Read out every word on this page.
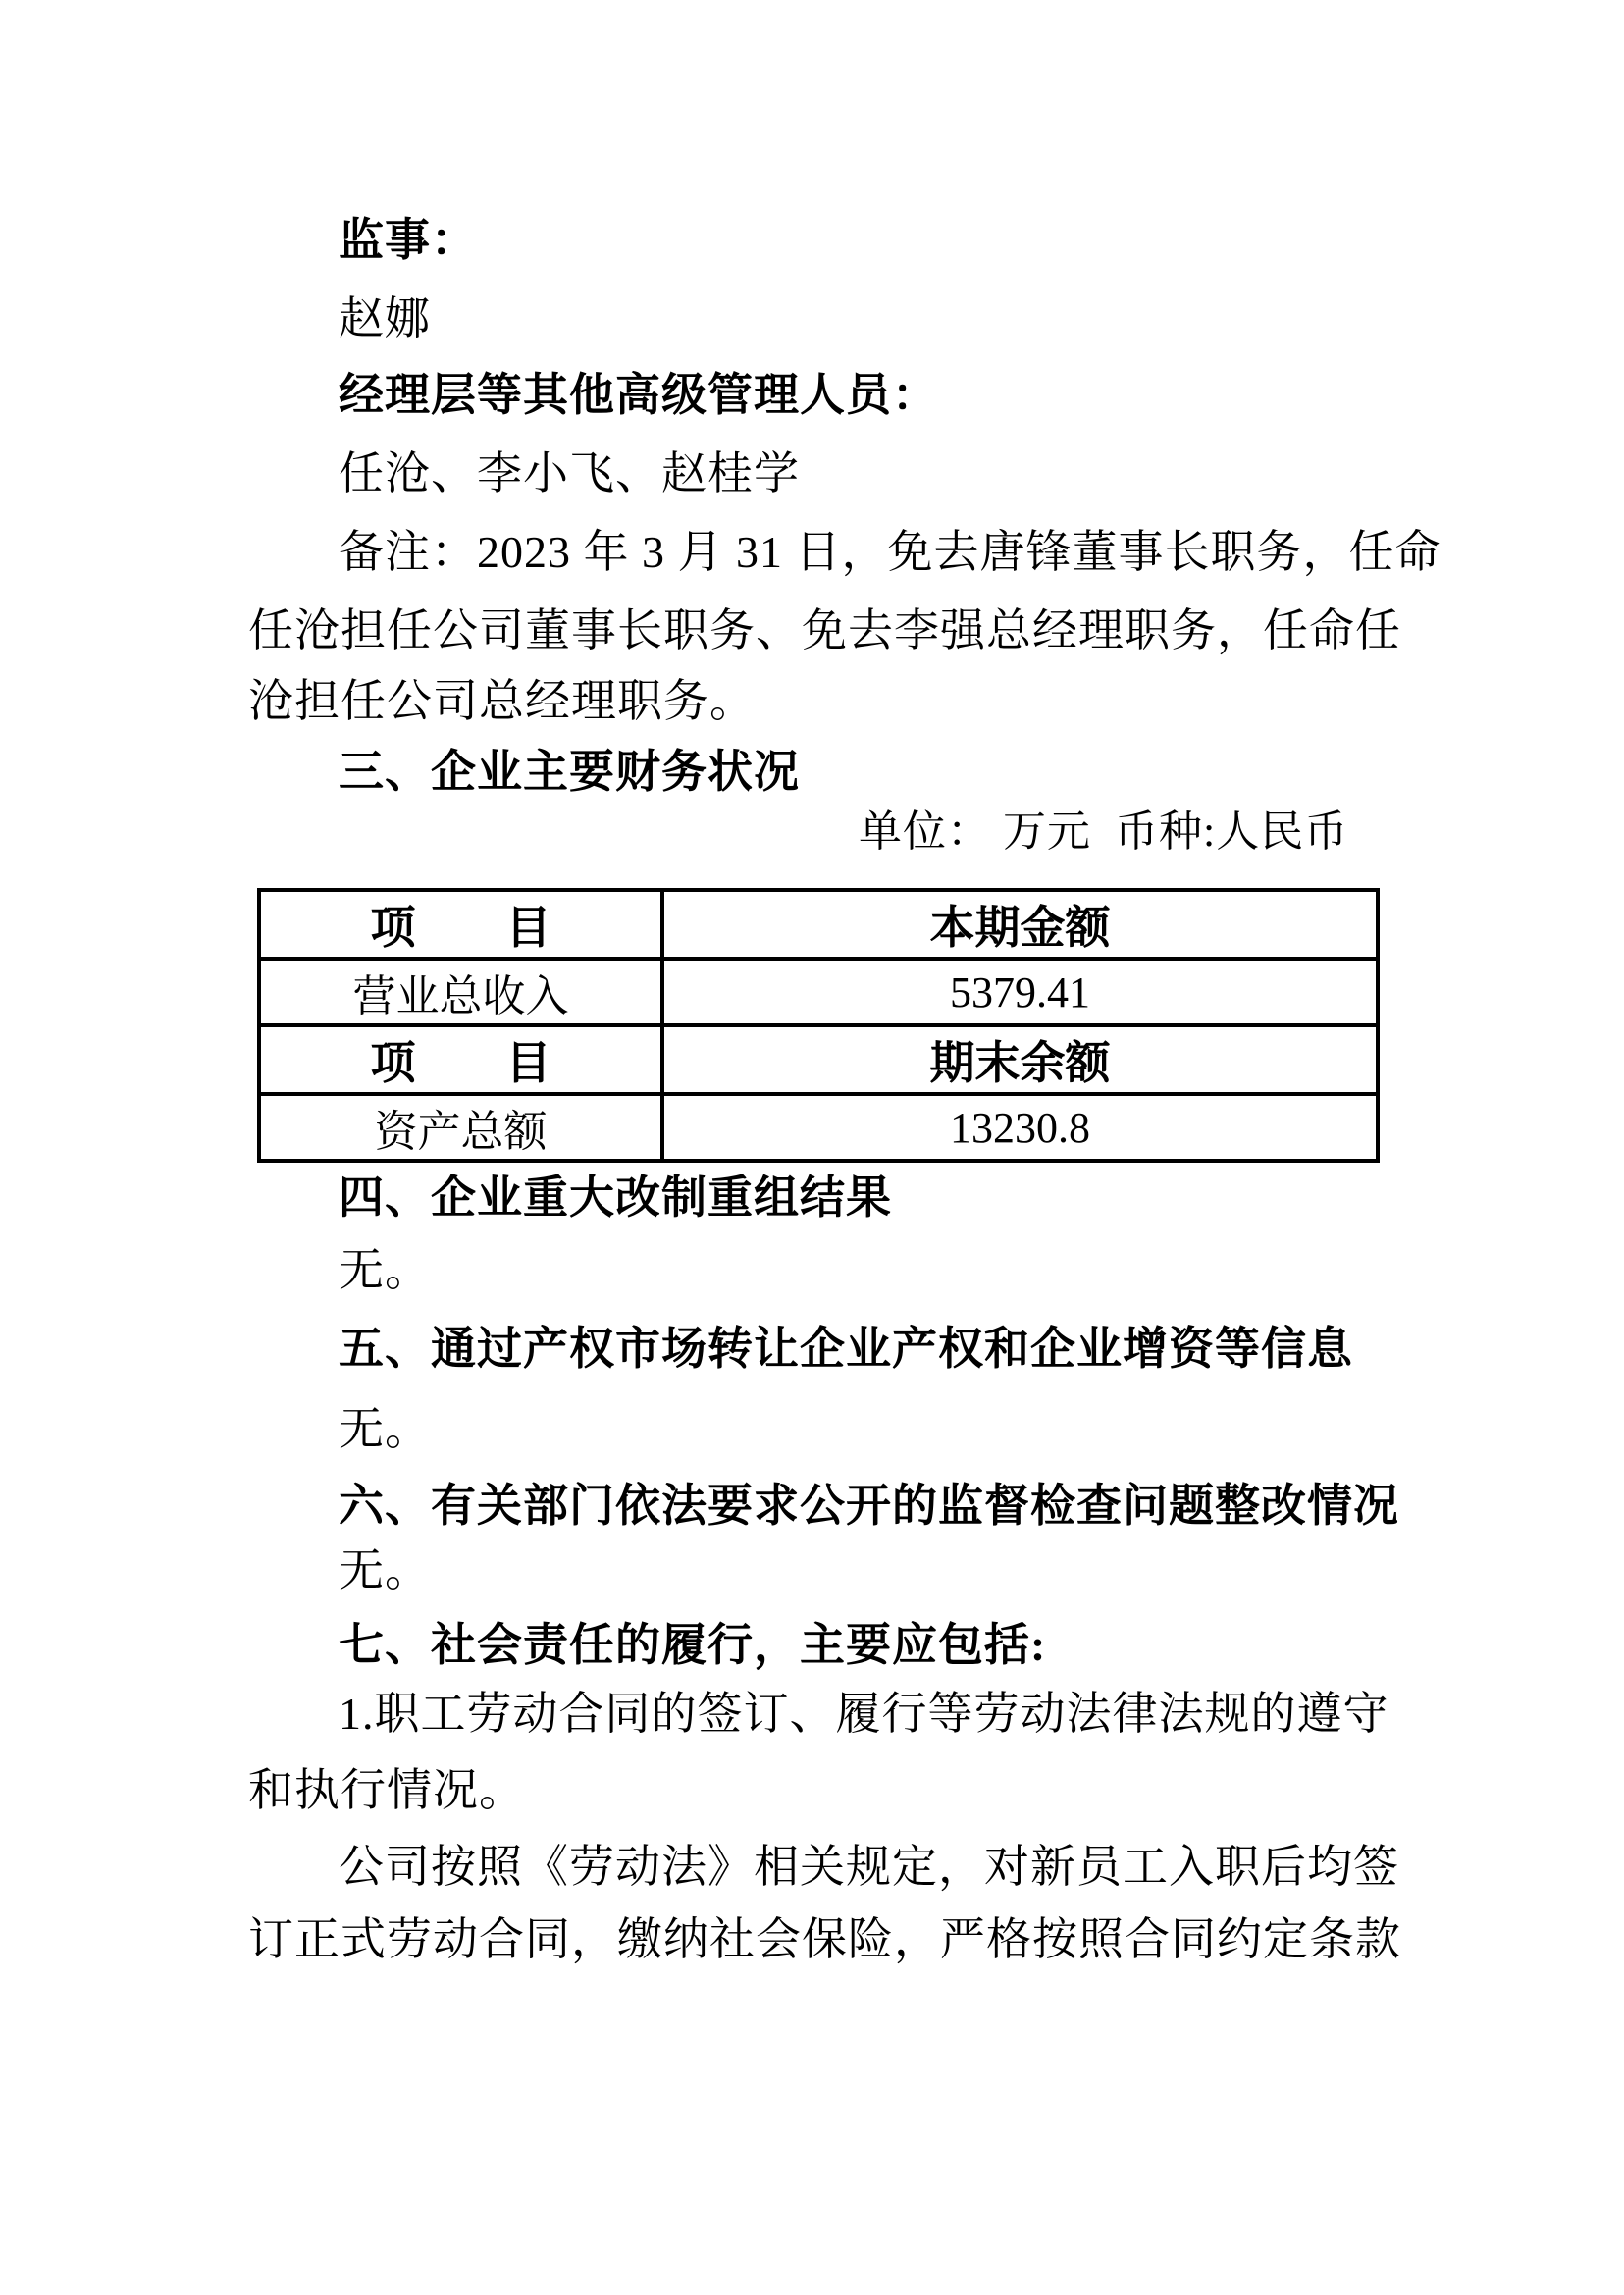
监事：
赵娜
经理层等其他高级管理人员：
任沧、李小飞、赵桂学
备注：2023 年 3 月 31 日，免去唐锋董事长职务，任命
任沧担任公司董事长职务、免去李强总经理职务，任命任
沧担任公司总经理职务。
三、企业主要财务状况
单位： 万元  币种:人民币
项　　目	本期金额
营业总收入	5379.41
项　　目	期末余额
资产总额	13230.8
四、企业重大改制重组结果
无。
五、通过产权市场转让企业产权和企业增资等信息
无。
六、有关部门依法要求公开的监督检查问题整改情况
无。
七、社会责任的履行，主要应包括:
1.职工劳动合同的签订、履行等劳动法律法规的遵守
和执行情况。
公司按照《劳动法》相关规定，对新员工入职后均签
订正式劳动合同，缴纳社会保险，严格按照合同约定条款
